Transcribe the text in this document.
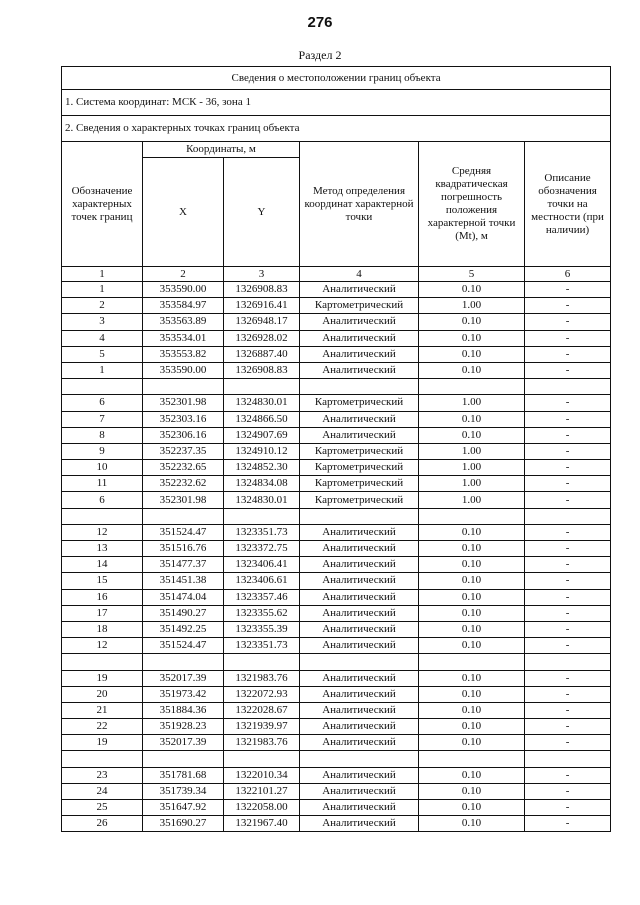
276
Раздел 2
Сведения о местоположении границ объекта					
1. Система координат: МСК - 36, зона 1					
2. Сведения о характерных точках границ объекта					
Обозначение характерных точек границ	Координаты, м		Метод определения координат характерной точки	Средняя квадратическая погрешность положения характерной точки (Mt), м	Описание обозначения точки на местности (при наличии)
	X	Y			
1	2	3	4	5	6
1	353590.00	1326908.83	Аналитический	0.10	-
2	353584.97	1326916.41	Картометрический	1.00	-
3	353563.89	1326948.17	Аналитический	0.10	-
4	353534.01	1326928.02	Аналитический	0.10	-
5	353553.82	1326887.40	Аналитический	0.10	-
1	353590.00	1326908.83	Аналитический	0.10	-

6	352301.98	1324830.01	Картометрический	1.00	-
7	352303.16	1324866.50	Аналитический	0.10	-
8	352306.16	1324907.69	Аналитический	0.10	-
9	352237.35	1324910.12	Картометрический	1.00	-
10	352232.65	1324852.30	Картометрический	1.00	-
11	352232.62	1324834.08	Картометрический	1.00	-
6	352301.98	1324830.01	Картометрический	1.00	-

12	351524.47	1323351.73	Аналитический	0.10	-
13	351516.76	1323372.75	Аналитический	0.10	-
14	351477.37	1323406.41	Аналитический	0.10	-
15	351451.38	1323406.61	Аналитический	0.10	-
16	351474.04	1323357.46	Аналитический	0.10	-
17	351490.27	1323355.62	Аналитический	0.10	-
18	351492.25	1323355.39	Аналитический	0.10	-
12	351524.47	1323351.73	Аналитический	0.10	-

19	352017.39	1321983.76	Аналитический	0.10	-
20	351973.42	1322072.93	Аналитический	0.10	-
21	351884.36	1322028.67	Аналитический	0.10	-
22	351928.23	1321939.97	Аналитический	0.10	-
19	352017.39	1321983.76	Аналитический	0.10	-

23	351781.68	1322010.34	Аналитический	0.10	-
24	351739.34	1322101.27	Аналитический	0.10	-
25	351647.92	1322058.00	Аналитический	0.10	-
26	351690.27	1321967.40	Аналитический	0.10	-
